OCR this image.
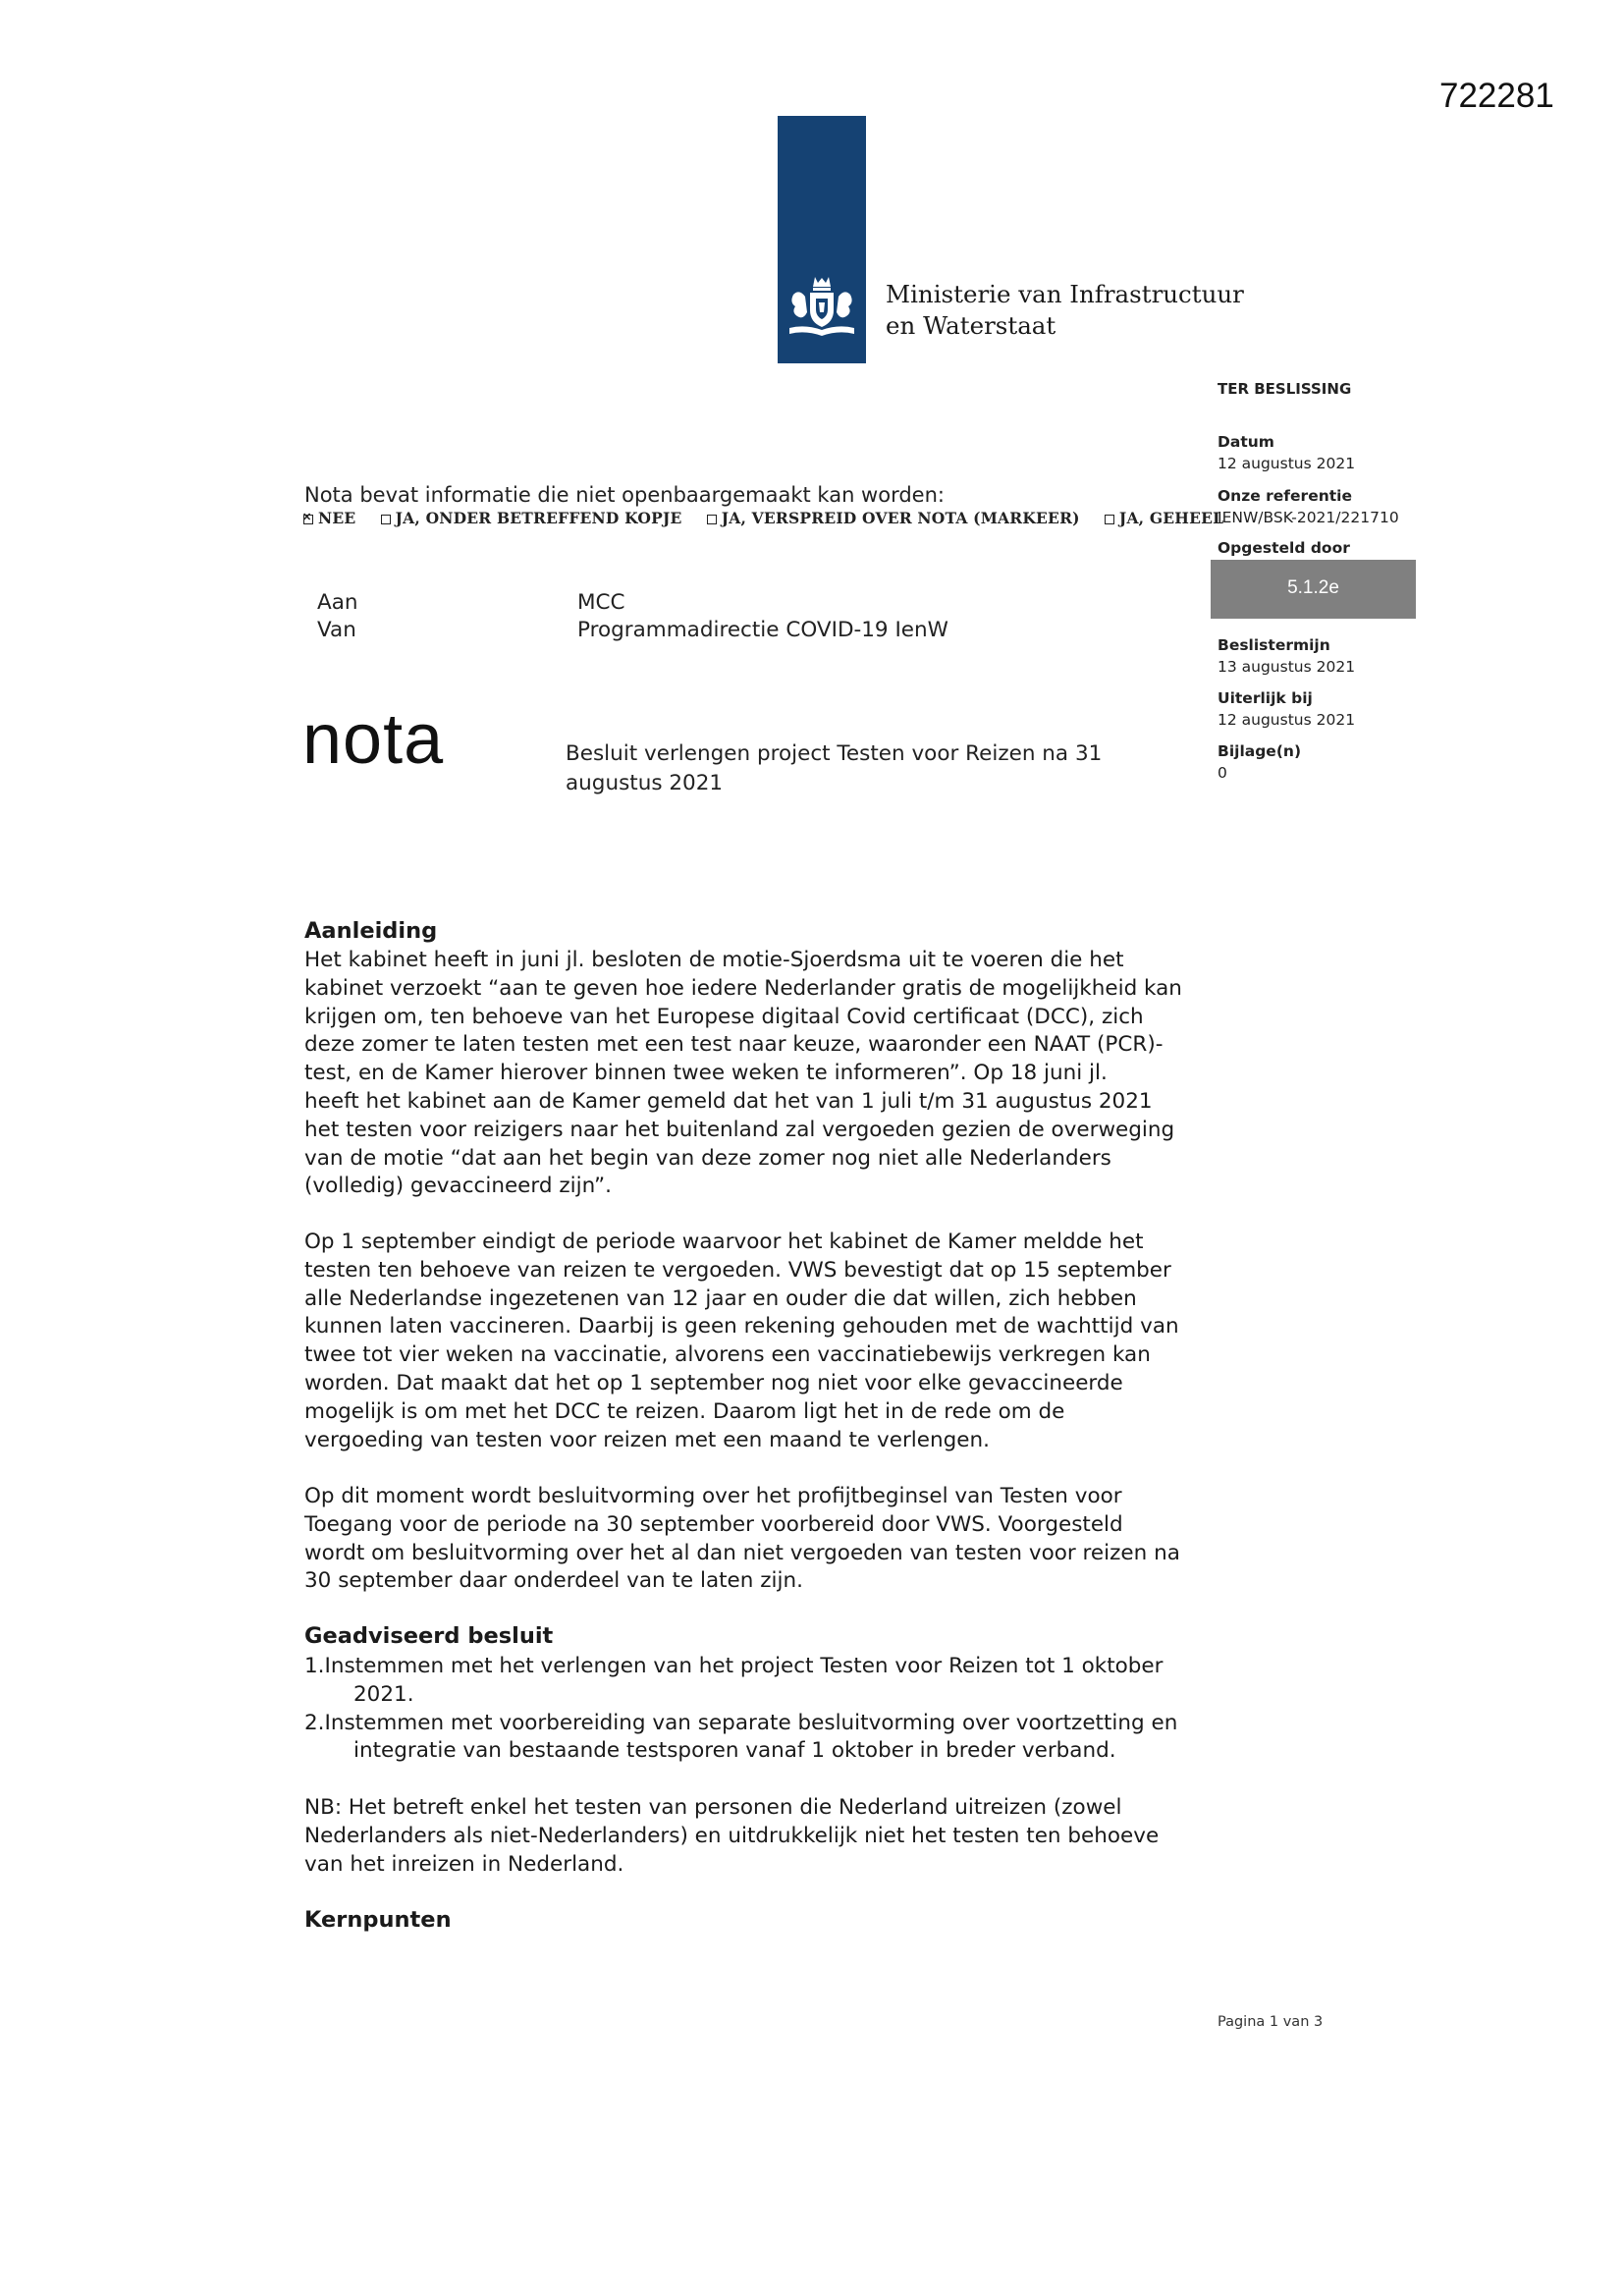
722281
Ministerie van Infrastructuur
en Waterstaat
TER BESLISSING
Datum
12 augustus 2021
Onze referentie
IENW/BSK-2021/221710
Opgesteld door
5.1.2e
Beslistermijn
13 augustus 2021
Uiterlijk bij
12 augustus 2021
Bijlage(n)
0
Nota bevat informatie die niet openbaargemaakt kan worden:
✕NEE	JA, ONDER BETREFFEND KOPJE	JA, VERSPREID OVER NOTA (MARKEER)	JA, GEHEEL
Aan	MCC
Van	Programmadirectie COVID-19 IenW
nota	Besluit verlengen project Testen voor Reizen na 31 augustus 2021
Aanleiding
Het kabinet heeft in juni jl. besloten de motie-Sjoerdsma uit te voeren die het
kabinet verzoekt “aan te geven hoe iedere Nederlander gratis de mogelijkheid kan
krijgen om, ten behoeve van het Europese digitaal Covid certificaat (DCC), zich
deze zomer te laten testen met een test naar keuze, waaronder een NAAT (PCR)-
test, en de Kamer hierover binnen twee weken te informeren”. Op 18 juni jl.
heeft het kabinet aan de Kamer gemeld dat het van 1 juli t/m 31 augustus 2021
het testen voor reizigers naar het buitenland zal vergoeden gezien de overweging
van de motie “dat aan het begin van deze zomer nog niet alle Nederlanders
(volledig) gevaccineerd zijn”.
Op 1 september eindigt de periode waarvoor het kabinet de Kamer meldde het
testen ten behoeve van reizen te vergoeden. VWS bevestigt dat op 15 september
alle Nederlandse ingezetenen van 12 jaar en ouder die dat willen, zich hebben
kunnen laten vaccineren. Daarbij is geen rekening gehouden met de wachttijd van
twee tot vier weken na vaccinatie, alvorens een vaccinatiebewijs verkregen kan
worden. Dat maakt dat het op 1 september nog niet voor elke gevaccineerde
mogelijk is om met het DCC te reizen. Daarom ligt het in de rede om de
vergoeding van testen voor reizen met een maand te verlengen.
Op dit moment wordt besluitvorming over het profijtbeginsel van Testen voor
Toegang voor de periode na 30 september voorbereid door VWS. Voorgesteld
wordt om besluitvorming over het al dan niet vergoeden van testen voor reizen na
30 september daar onderdeel van te laten zijn.
Geadviseerd besluit
1.Instemmen met het verlengen van het project Testen voor Reizen tot 1 oktober
2021.
2.Instemmen met voorbereiding van separate besluitvorming over voortzetting en
integratie van bestaande testsporen vanaf 1 oktober in breder verband.
NB: Het betreft enkel het testen van personen die Nederland uitreizen (zowel
Nederlanders als niet-Nederlanders) en uitdrukkelijk niet het testen ten behoeve
van het inreizen in Nederland.
Kernpunten
Pagina 1 van 3
